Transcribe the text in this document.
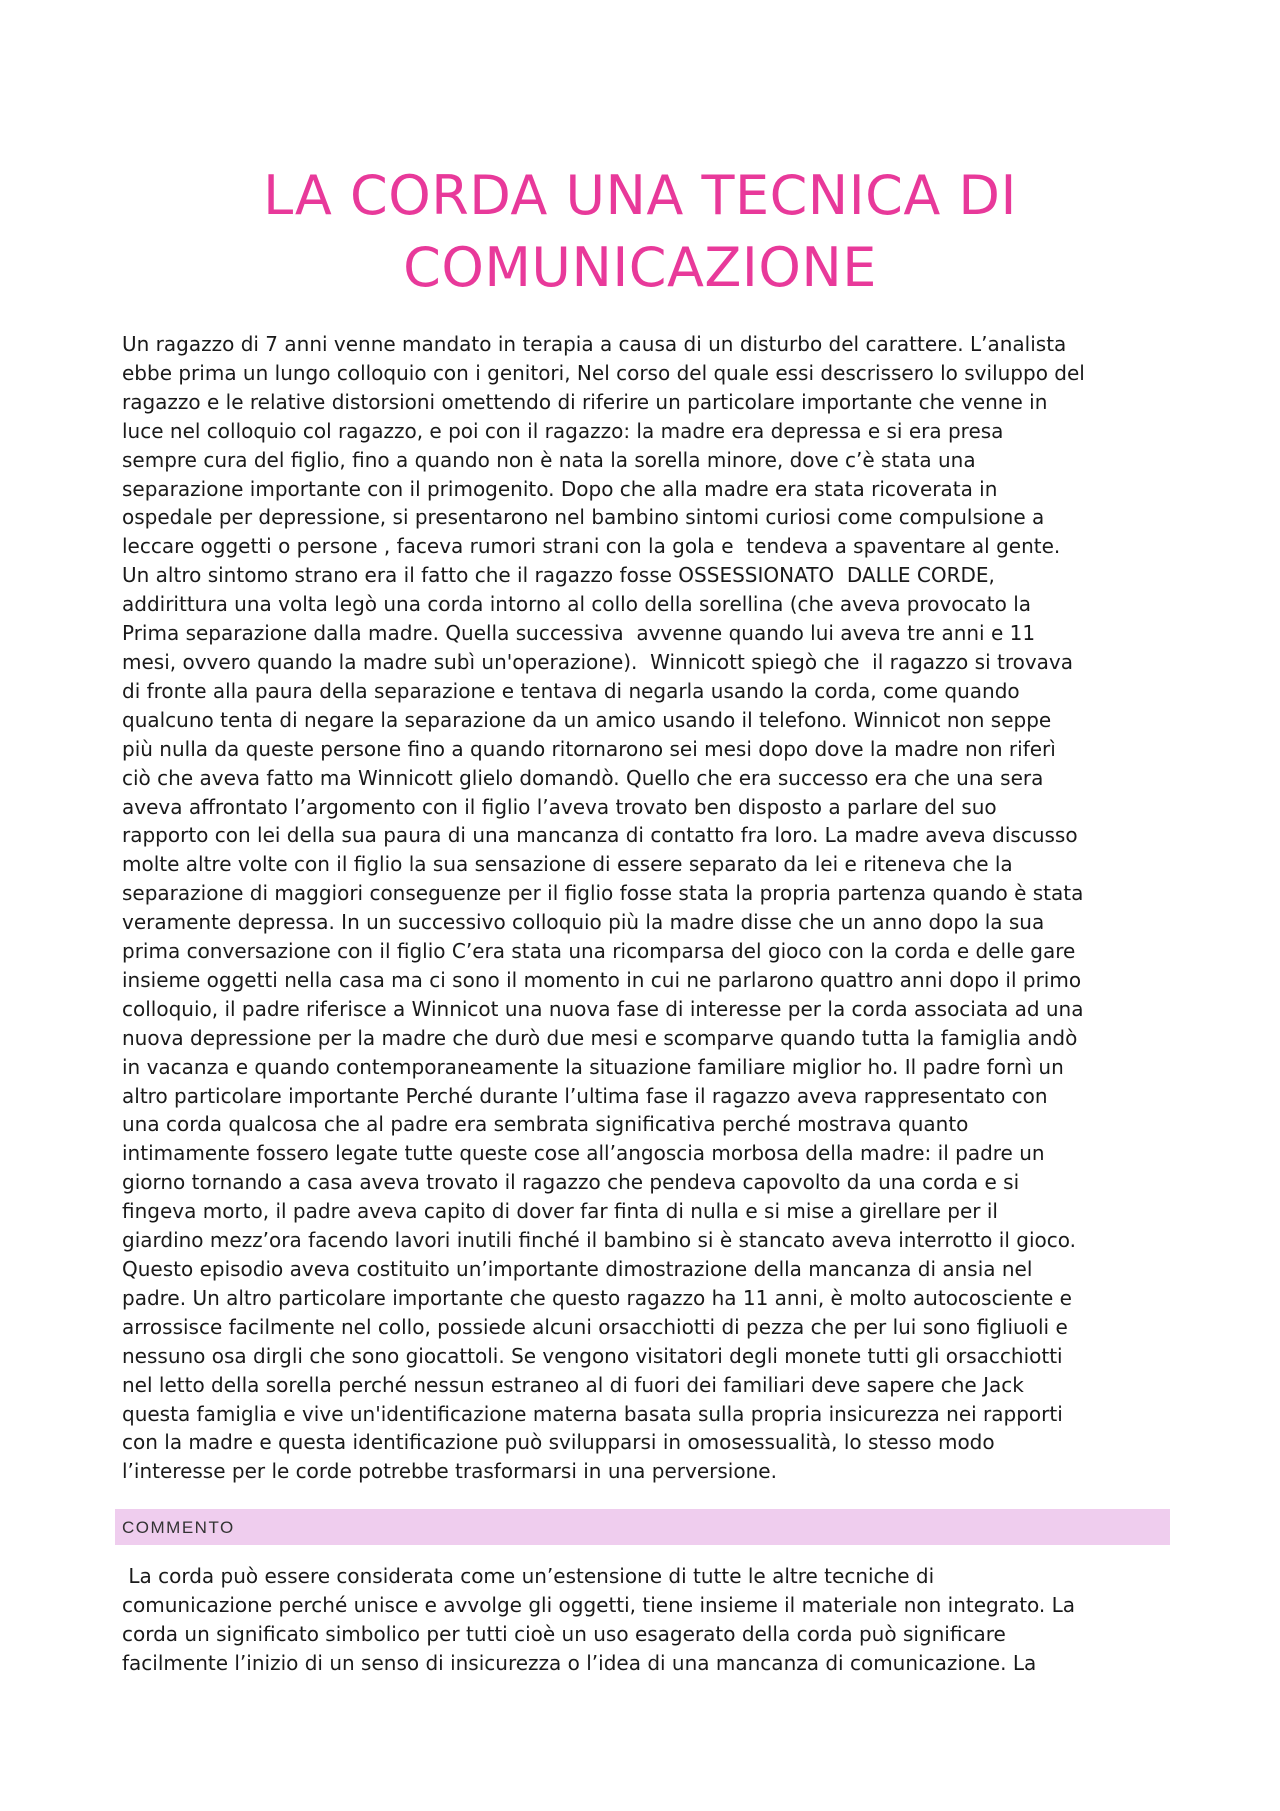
LA CORDA UNA TECNICA DI
COMUNICAZIONE
Un ragazzo di 7 anni venne mandato in terapia a causa di un disturbo del carattere. L’analista
ebbe prima un lungo colloquio con i genitori, Nel corso del quale essi descrissero lo sviluppo del
ragazzo e le relative distorsioni omettendo di riferire un particolare importante che venne in
luce nel colloquio col ragazzo, e poi con il ragazzo: la madre era depressa e si era presa
sempre cura del figlio, fino a quando non è nata la sorella minore, dove c’è stata una
separazione importante con il primogenito. Dopo che alla madre era stata ricoverata in
ospedale per depressione, si presentarono nel bambino sintomi curiosi come compulsione a
leccare oggetti o persone , faceva rumori strani con la gola e  tendeva a spaventare al gente.
Un altro sintomo strano era il fatto che il ragazzo fosse OSSESSIONATO  DALLE CORDE,
addirittura una volta legò una corda intorno al collo della sorellina (che aveva provocato la
Prima separazione dalla madre. Quella successiva  avvenne quando lui aveva tre anni e 11
mesi, ovvero quando la madre subì un'operazione).  Winnicott spiegò che  il ragazzo si trovava
di fronte alla paura della separazione e tentava di negarla usando la corda, come quando
qualcuno tenta di negare la separazione da un amico usando il telefono. Winnicot non seppe
più nulla da queste persone fino a quando ritornarono sei mesi dopo dove la madre non riferì
ciò che aveva fatto ma Winnicott glielo domandò. Quello che era successo era che una sera
aveva affrontato l’argomento con il figlio l’aveva trovato ben disposto a parlare del suo
rapporto con lei della sua paura di una mancanza di contatto fra loro. La madre aveva discusso
molte altre volte con il figlio la sua sensazione di essere separato da lei e riteneva che la
separazione di maggiori conseguenze per il figlio fosse stata la propria partenza quando è stata
veramente depressa. In un successivo colloquio più la madre disse che un anno dopo la sua
prima conversazione con il figlio C’era stata una ricomparsa del gioco con la corda e delle gare
insieme oggetti nella casa ma ci sono il momento in cui ne parlarono quattro anni dopo il primo
colloquio, il padre riferisce a Winnicot una nuova fase di interesse per la corda associata ad una
nuova depressione per la madre che durò due mesi e scomparve quando tutta la famiglia andò
in vacanza e quando contemporaneamente la situazione familiare miglior ho. Il padre fornì un
altro particolare importante Perché durante l’ultima fase il ragazzo aveva rappresentato con
una corda qualcosa che al padre era sembrata significativa perché mostrava quanto
intimamente fossero legate tutte queste cose all’angoscia morbosa della madre: il padre un
giorno tornando a casa aveva trovato il ragazzo che pendeva capovolto da una corda e si
fingeva morto, il padre aveva capito di dover far finta di nulla e si mise a girellare per il
giardino mezz’ora facendo lavori inutili finché il bambino si è stancato aveva interrotto il gioco.
Questo episodio aveva costituito un’importante dimostrazione della mancanza di ansia nel
padre. Un altro particolare importante che questo ragazzo ha 11 anni, è molto autocosciente e
arrossisce facilmente nel collo, possiede alcuni orsacchiotti di pezza che per lui sono figliuoli e
nessuno osa dirgli che sono giocattoli. Se vengono visitatori degli monete tutti gli orsacchiotti
nel letto della sorella perché nessun estraneo al di fuori dei familiari deve sapere che Jack
questa famiglia e vive un'identificazione materna basata sulla propria insicurezza nei rapporti
con la madre e questa identificazione può svilupparsi in omosessualità, lo stesso modo
l’interesse per le corde potrebbe trasformarsi in una perversione.
COMMENTO
La corda può essere considerata come un’estensione di tutte le altre tecniche di
comunicazione perché unisce e avvolge gli oggetti, tiene insieme il materiale non integrato. La
corda un significato simbolico per tutti cioè un uso esagerato della corda può significare
facilmente l’inizio di un senso di insicurezza o l’idea di una mancanza di comunicazione. La
